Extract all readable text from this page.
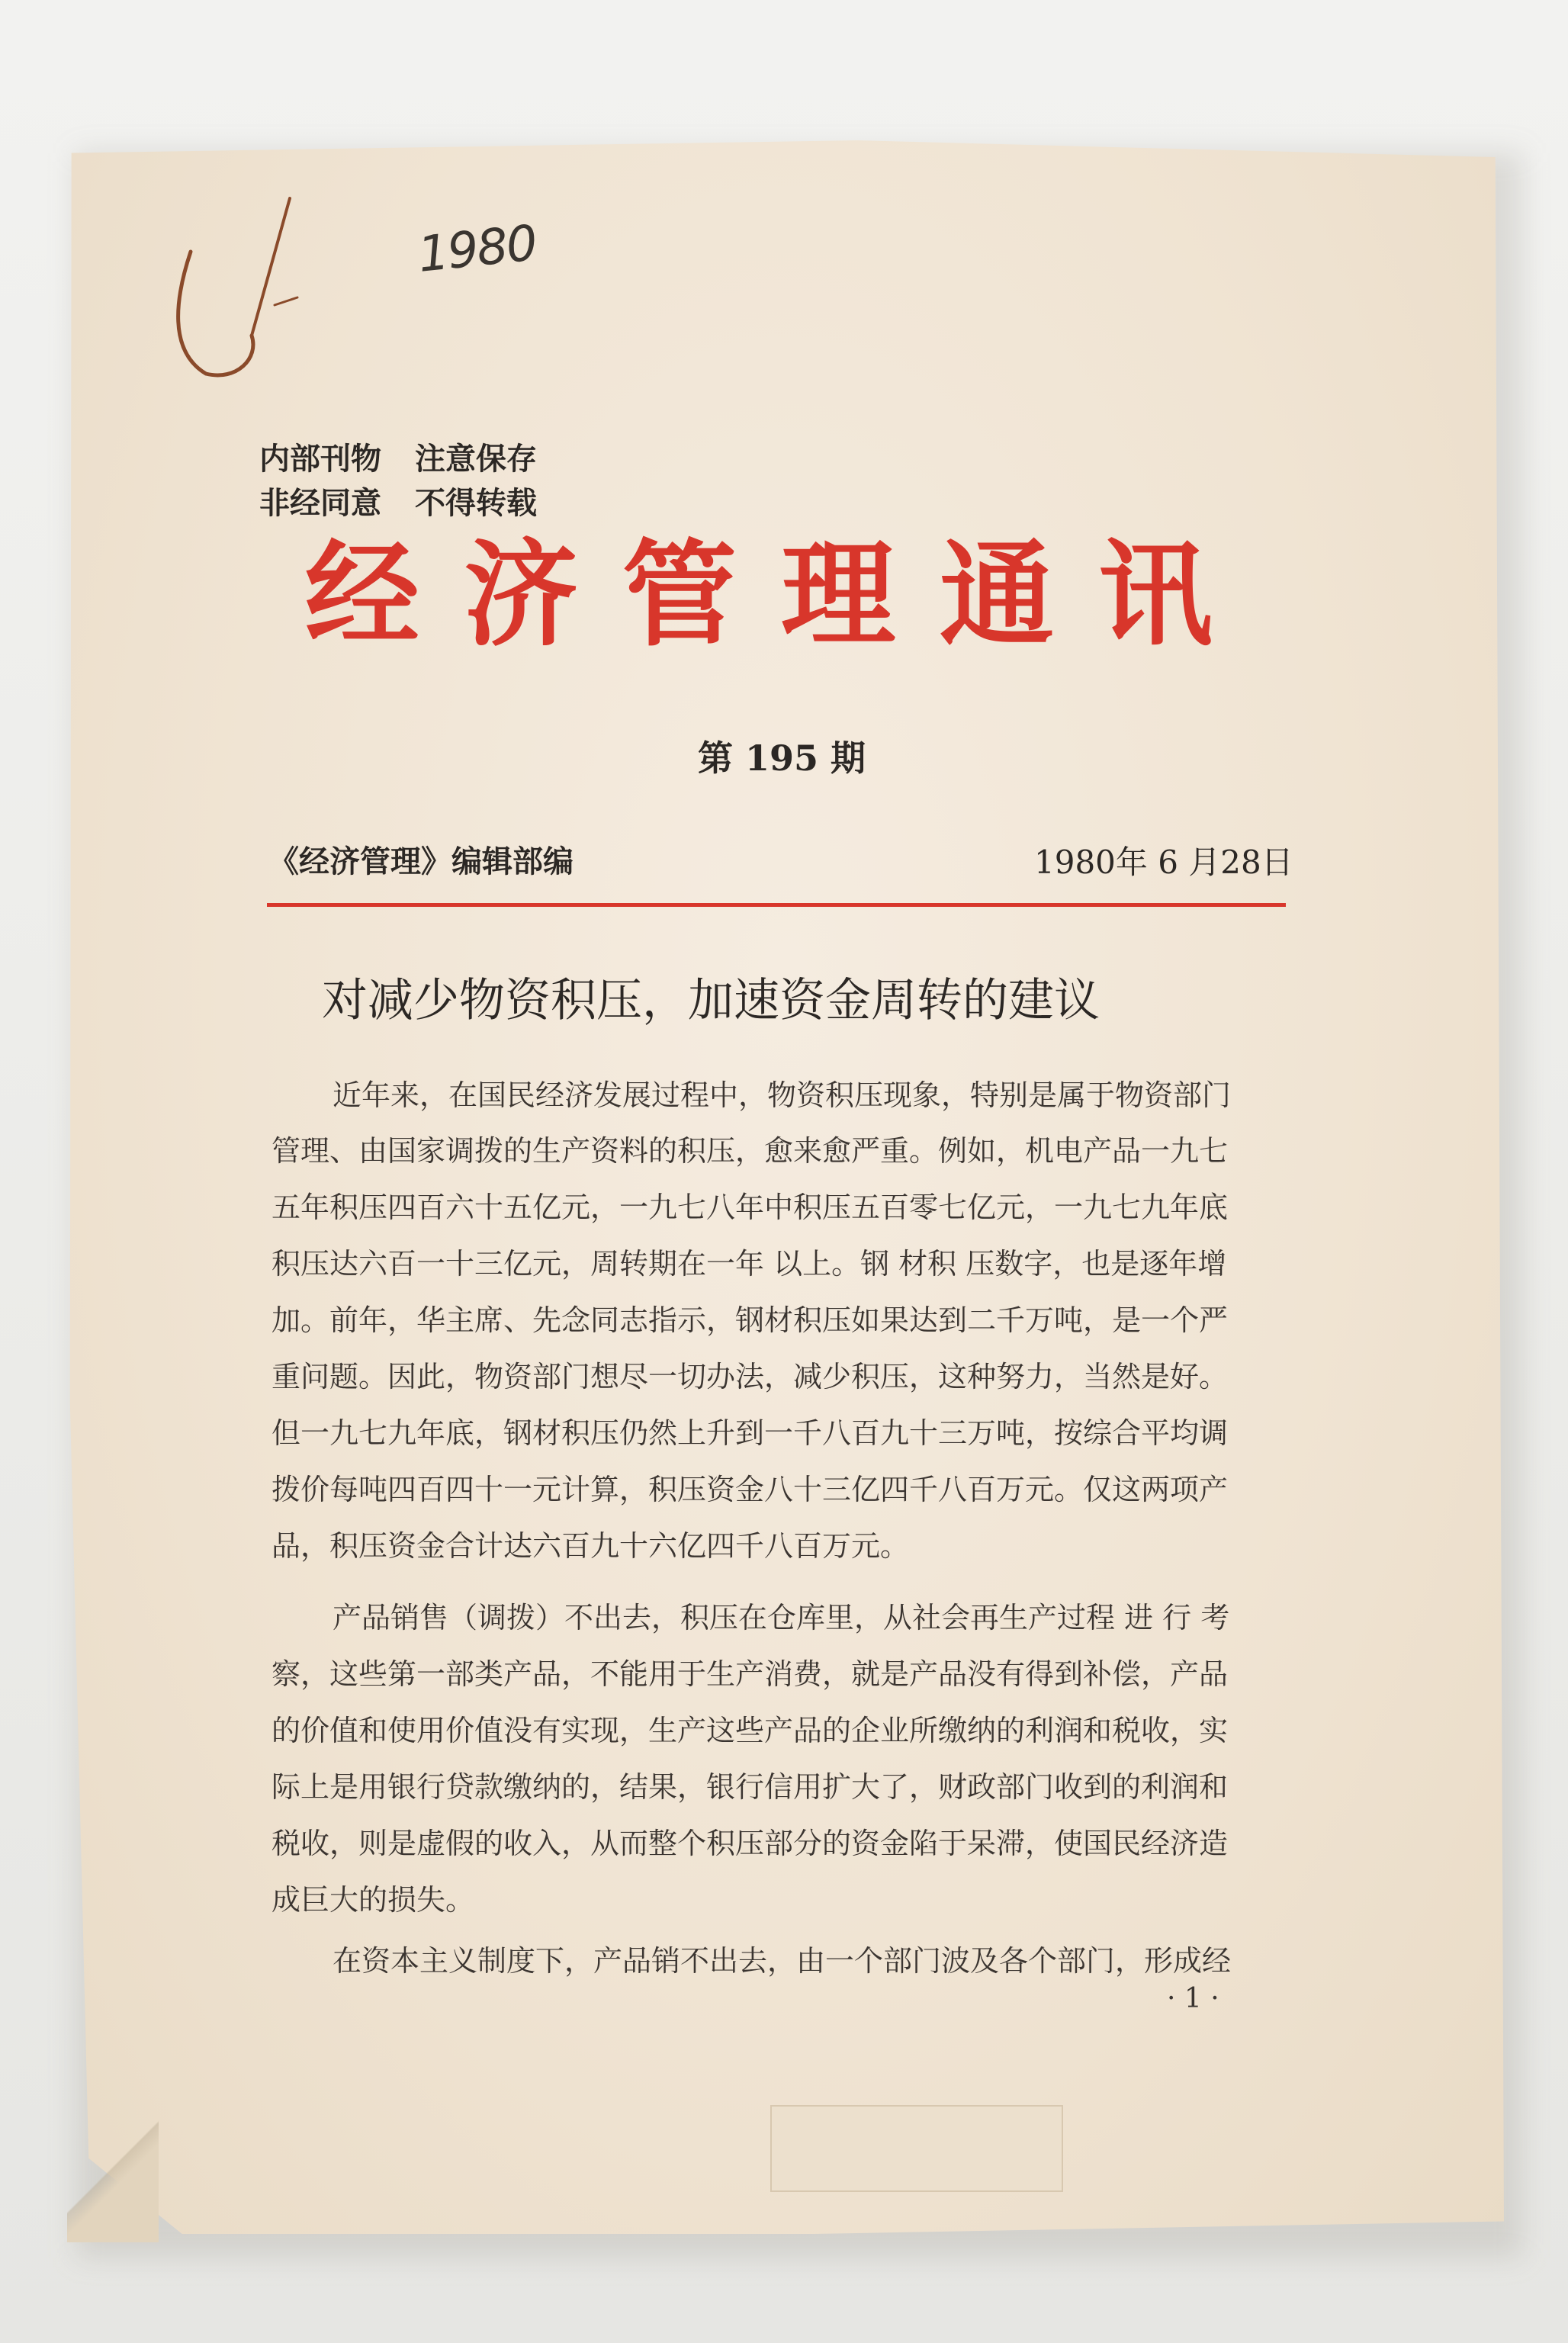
1980
内部刊物 注意保存
非经同意 不得转载
经济管理通讯
第 195 期
《经济管理》编辑部编	1980年 6 月28日
对减少物资积压，加速资金周转的建议
近年来，在国民经济发展过程中，物资积压现象，特别是属于物资部门
管理、由国家调拨的生产资料的积压，愈来愈严重。例如，机电产品一九七
五年积压四百六十五亿元，一九七八年中积压五百零七亿元，一九七九年底
积压达六百一十三亿元，周转期在一年 以上。钢 材积 压数字，也是逐年增
加。前年，华主席、先念同志指示，钢材积压如果达到二千万吨，是一个严
重问题。因此，物资部门想尽一切办法，减少积压，这种努力，当然是好。
但一九七九年底，钢材积压仍然上升到一千八百九十三万吨，按综合平均调
拨价每吨四百四十一元计算，积压资金八十三亿四千八百万元。仅这两项产
品，积压资金合计达六百九十六亿四千八百万元。
产品销售（调拨）不出去，积压在仓库里，从社会再生产过程 进 行 考
察，这些第一部类产品，不能用于生产消费，就是产品没有得到补偿，产品
的价值和使用价值没有实现，生产这些产品的企业所缴纳的利润和税收，实
际上是用银行贷款缴纳的，结果，银行信用扩大了，财政部门收到的利润和
税收，则是虚假的收入，从而整个积压部分的资金陷于呆滞，使国民经济造
成巨大的损失。
在资本主义制度下，产品销不出去，由一个部门波及各个部门，形成经
· 1 ·
